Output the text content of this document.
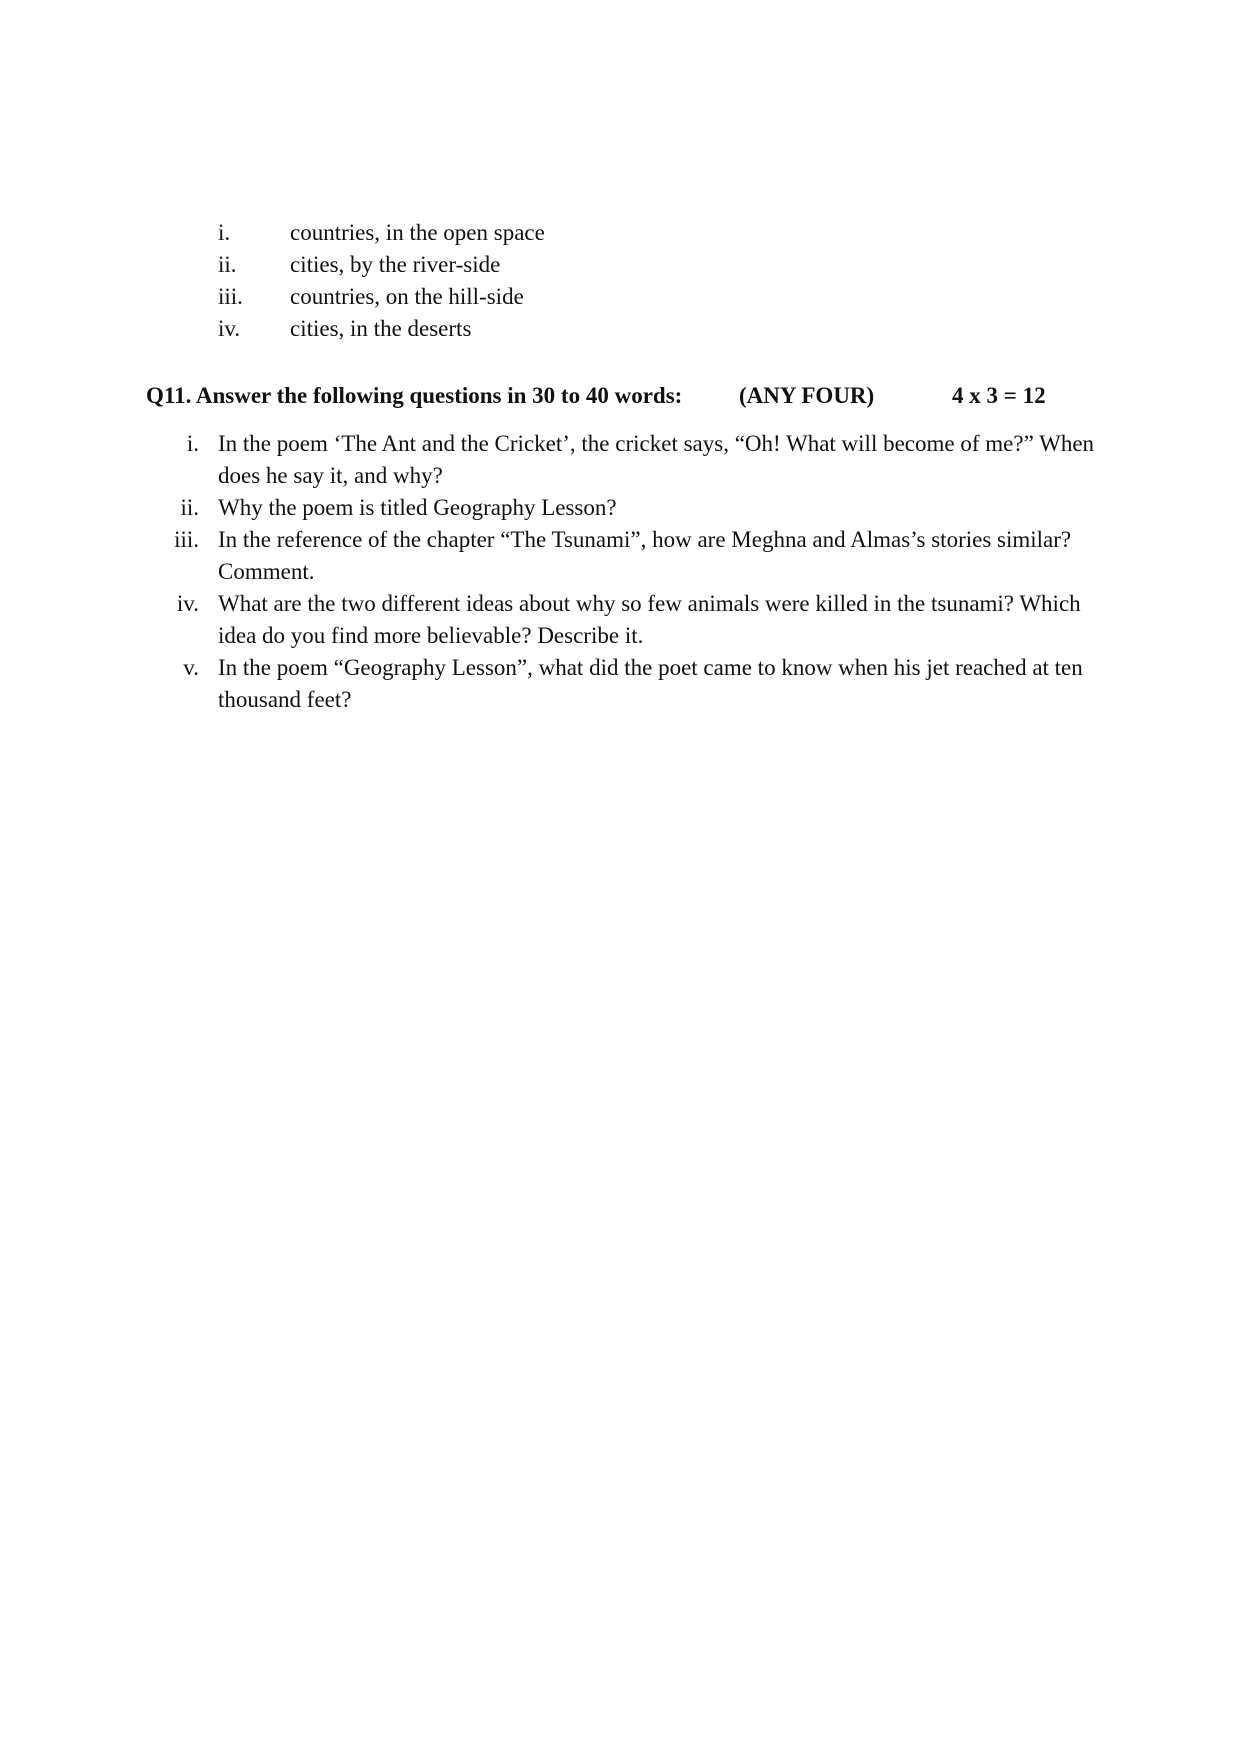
i.	countries, in the open space
ii. cities, by the river-side
iii. countries, on the hill-side
iv. cities, in the deserts
Q11. Answer the following questions in 30 to 40 words: (ANY FOUR)	4 x 3 = 12
i. In the poem ‘The Ant and the Cricket’, the cricket says, “Oh! What will become of me?” When does he say it, and why?
ii. Why the poem is titled Geography Lesson?
iii. In the reference of the chapter “The Tsunami”, how are Meghna and Almas’s stories similar? Comment.
iv. What are the two different ideas about why so few animals were killed in the tsunami? Which idea do you find more believable? Describe it.
v. In the poem “Geography Lesson”, what did the poet came to know when his jet reached at ten thousand feet?
